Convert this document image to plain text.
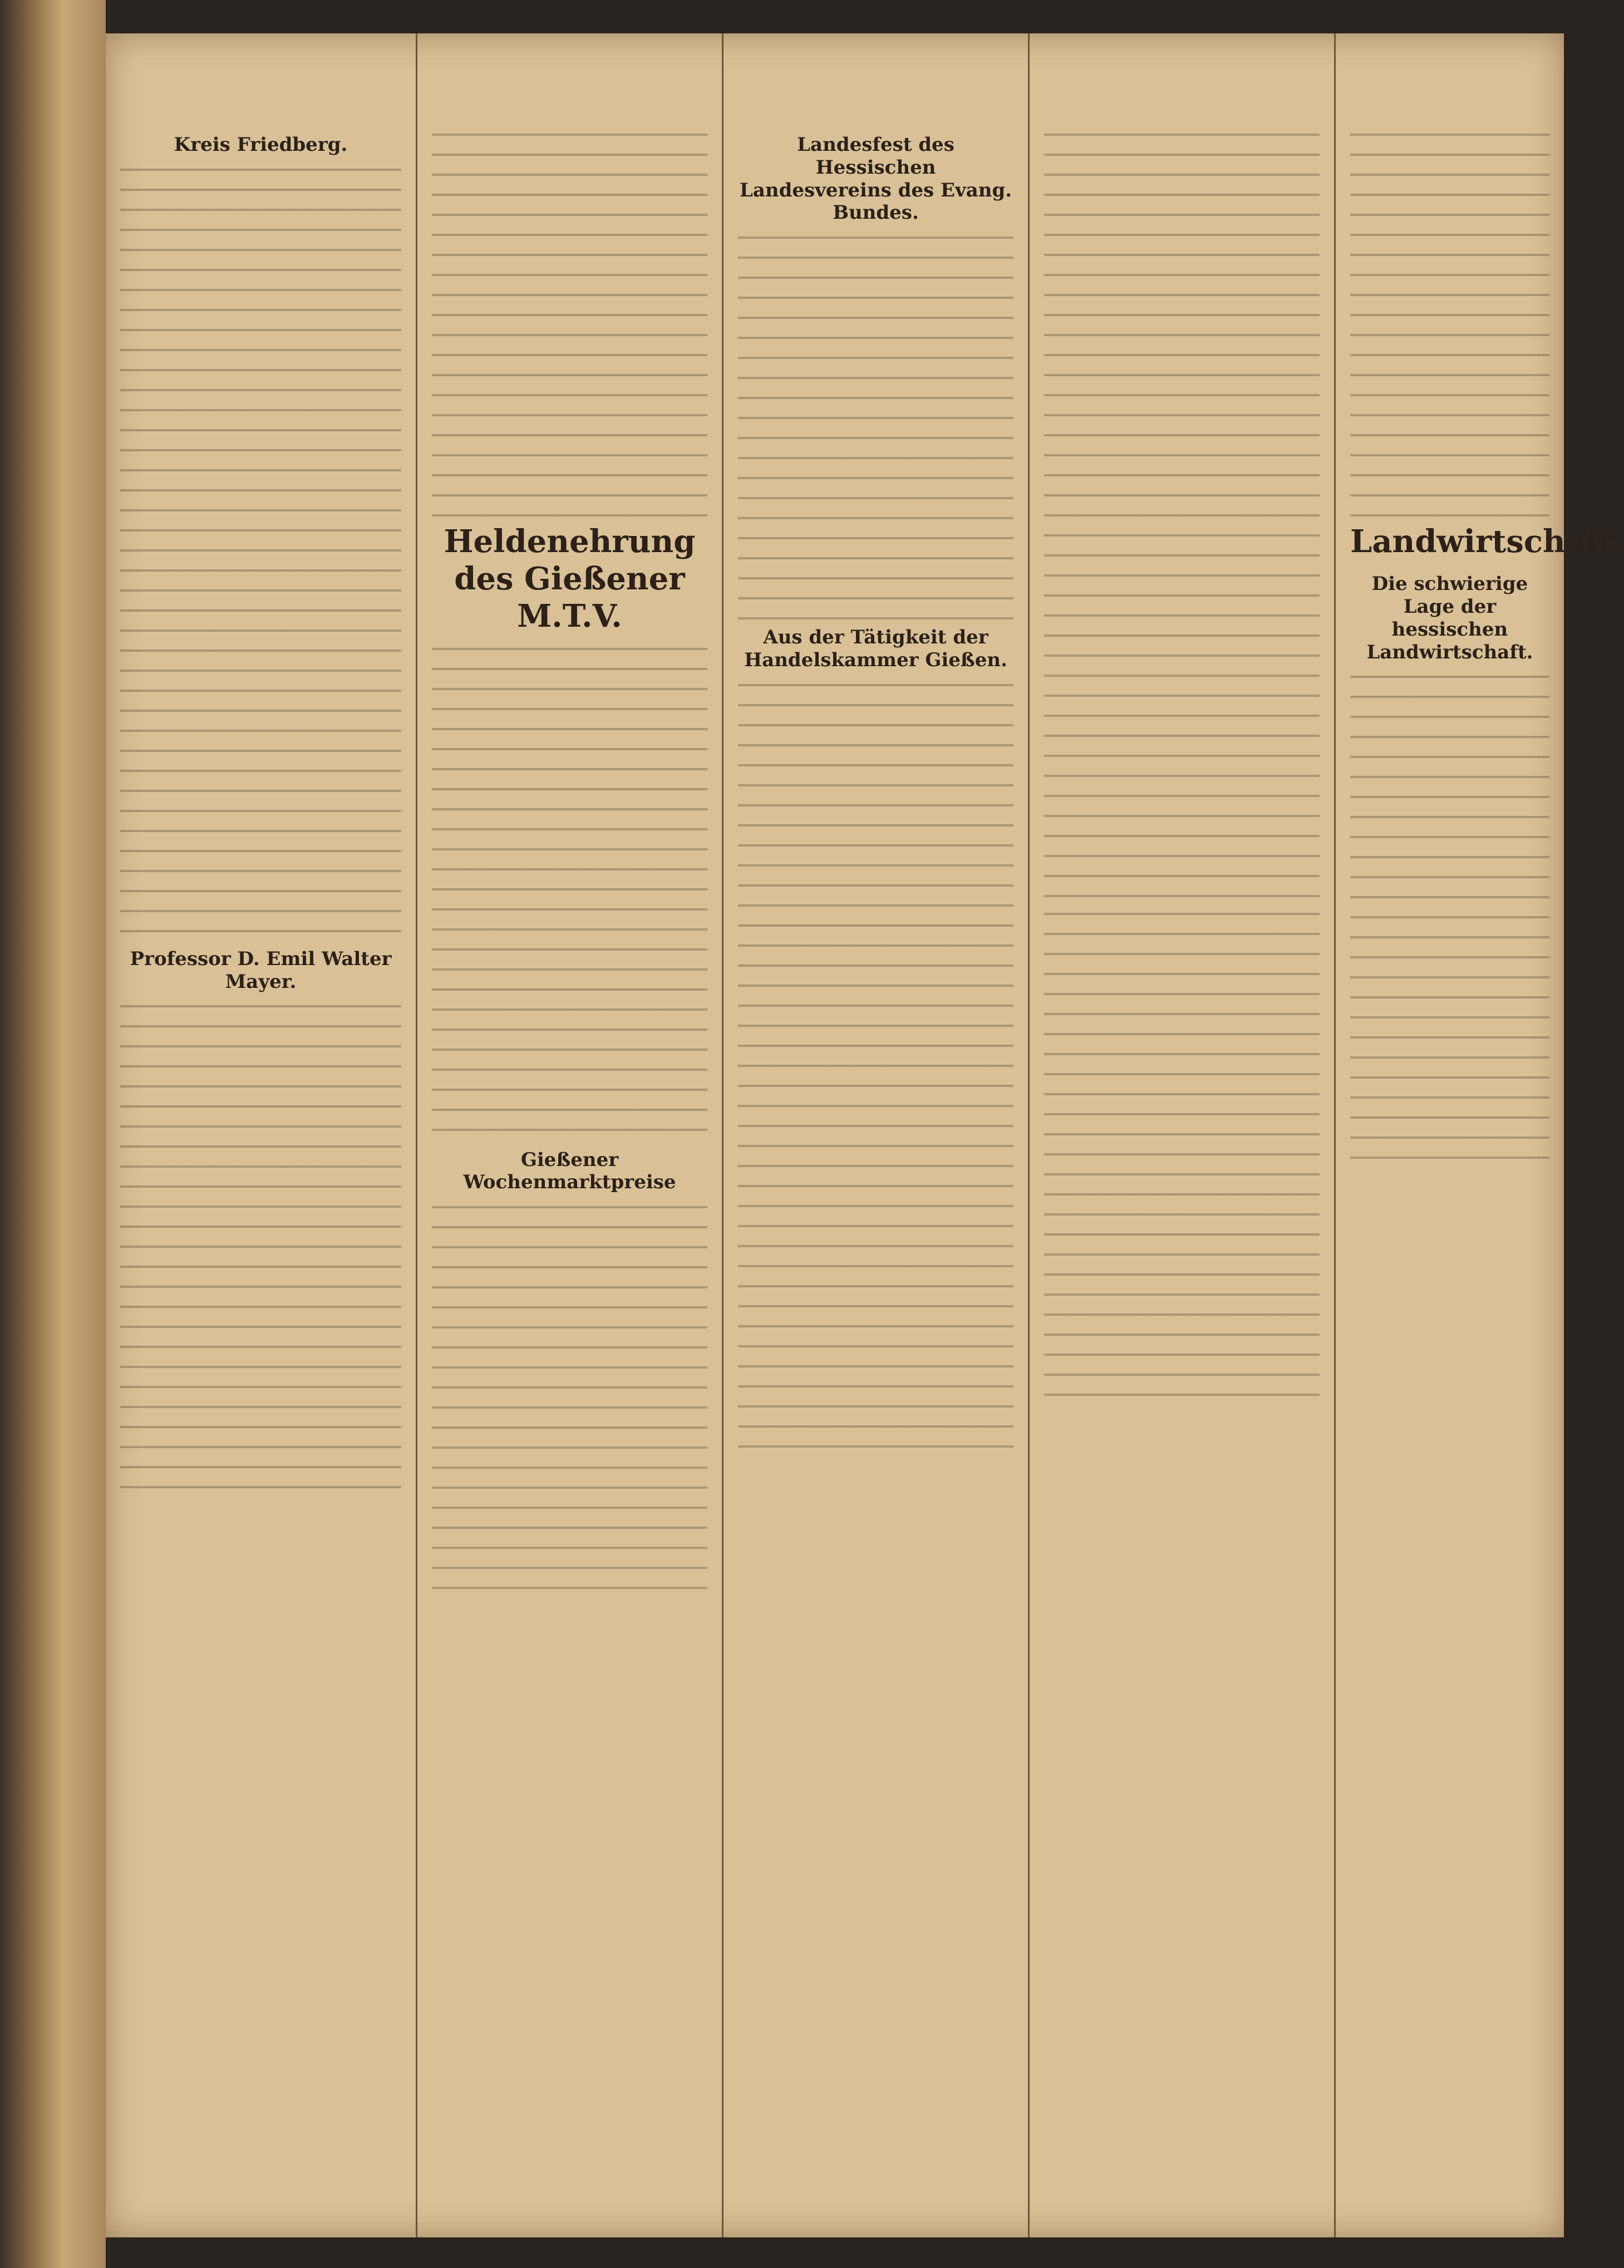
Kreis Friedberg.
Professor D. Emil Walter Mayer.
Heldenehrung des Gießener M.T.V.
Gießener Wochenmarktpreise
Landesfest des Hessischen Landesvereins des Evang. Bundes.
Aus der Tätigkeit der Handelskammer Gießen.
Landwirtschaft.
Die schwierige Lage der hessischen Landwirtschaft.
